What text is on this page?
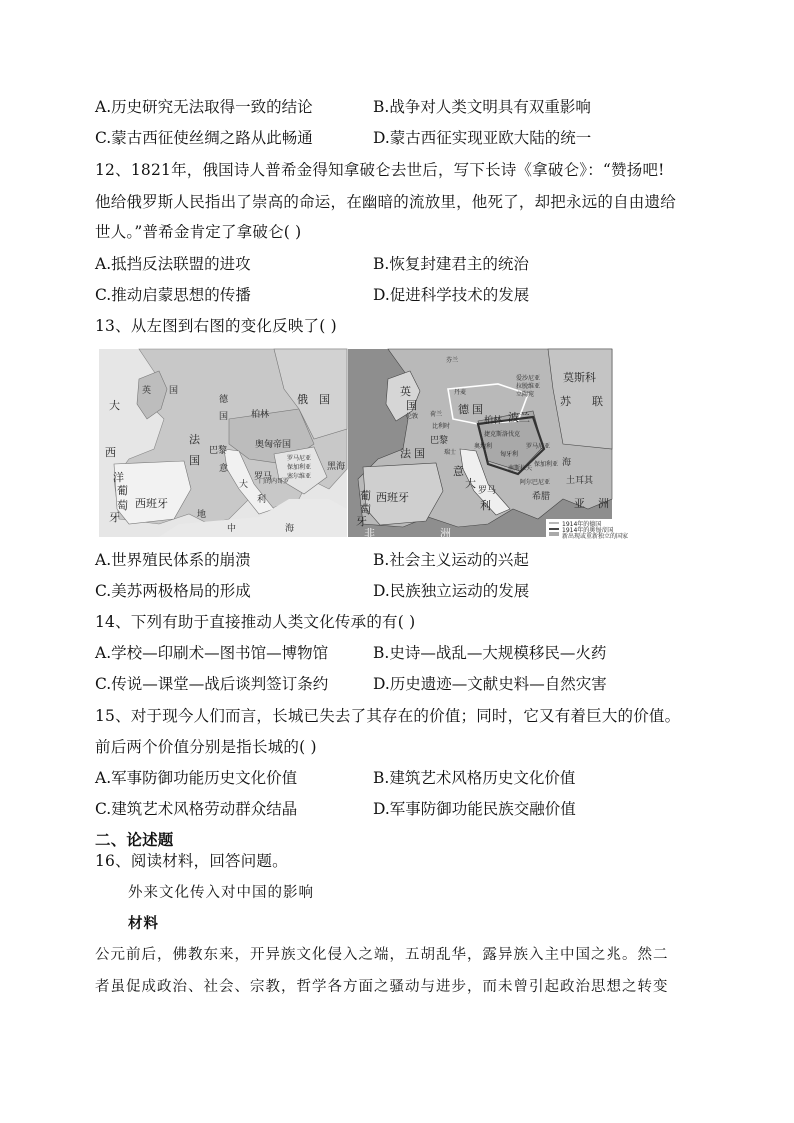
A.历史研究无法取得一致的结论	B.战争对人类文明具有双重影响
C.蒙古西征使丝绸之路从此畅通	D.蒙古西征实现亚欧大陆的统一
12、1821年，俄国诗人普希金得知拿破仑去世后，写下长诗《拿破仑》：“赞扬吧!
他给俄罗斯人民指出了崇高的命运，在幽暗的流放里，他死了，却把永远的自由遗给
世人。”普希金肯定了拿破仑( )
A.抵挡反法联盟的进攻	B.恢复封建君主的统治
C.推动启蒙思想的传播	D.促进科学技术的发展
13、从左图到右图的变化反映了( )
大
西
洋
英 国
德
国	柏林
俄 国
法
国
巴黎
奥匈帝国
意
大
利
罗马
罗马尼亚
保加利亚
塞尔维亚
门的内哥罗
黑海
葡
萄
牙
西班牙
地
中	海
英
国
伦敦
芬兰
丹麦
爱沙尼亚
拉脱维亚
立陶宛
莫斯科
苏 联
荷兰
比利时
德 国
柏林 波兰
捷克斯洛伐克
奥地利
匈牙利
罗马尼亚
南斯拉夫
保加利亚
瑞士
法 国
巴黎
意
大
利
罗马
阿尔巴尼亚
希腊
土耳其
海
亚 洲
葡
萄
牙
西班牙
非	洲
1914年的德国
1914年的奥匈帝国
新出现或重新独立的国家
A.世界殖民体系的崩溃	B.社会主义运动的兴起
C.美苏两极格局的形成	D.民族独立运动的发展
14、下列有助于直接推动人类文化传承的有( )
A.学校—印刷术—图书馆—博物馆	B.史诗—战乱—大规模移民—火药
C.传说—课堂—战后谈判签订条约	D.历史遗迹—文献史料—自然灾害
15、对于现今人们而言，长城已失去了其存在的价值；同时，它又有着巨大的价值。
前后两个价值分别是指长城的( )
A.军事防御功能历史文化价值	B.建筑艺术风格历史文化价值
C.建筑艺术风格劳动群众结晶	D.军事防御功能民族交融价值
二、论述题
16、阅读材料，回答问题。
外来文化传入对中国的影响
材料
公元前后，佛教东来，开异族文化侵入之端，五胡乱华，露异族入主中国之兆。然二
者虽促成政治、社会、宗教，哲学各方面之骚动与进步，而未曾引起政治思想之转变
